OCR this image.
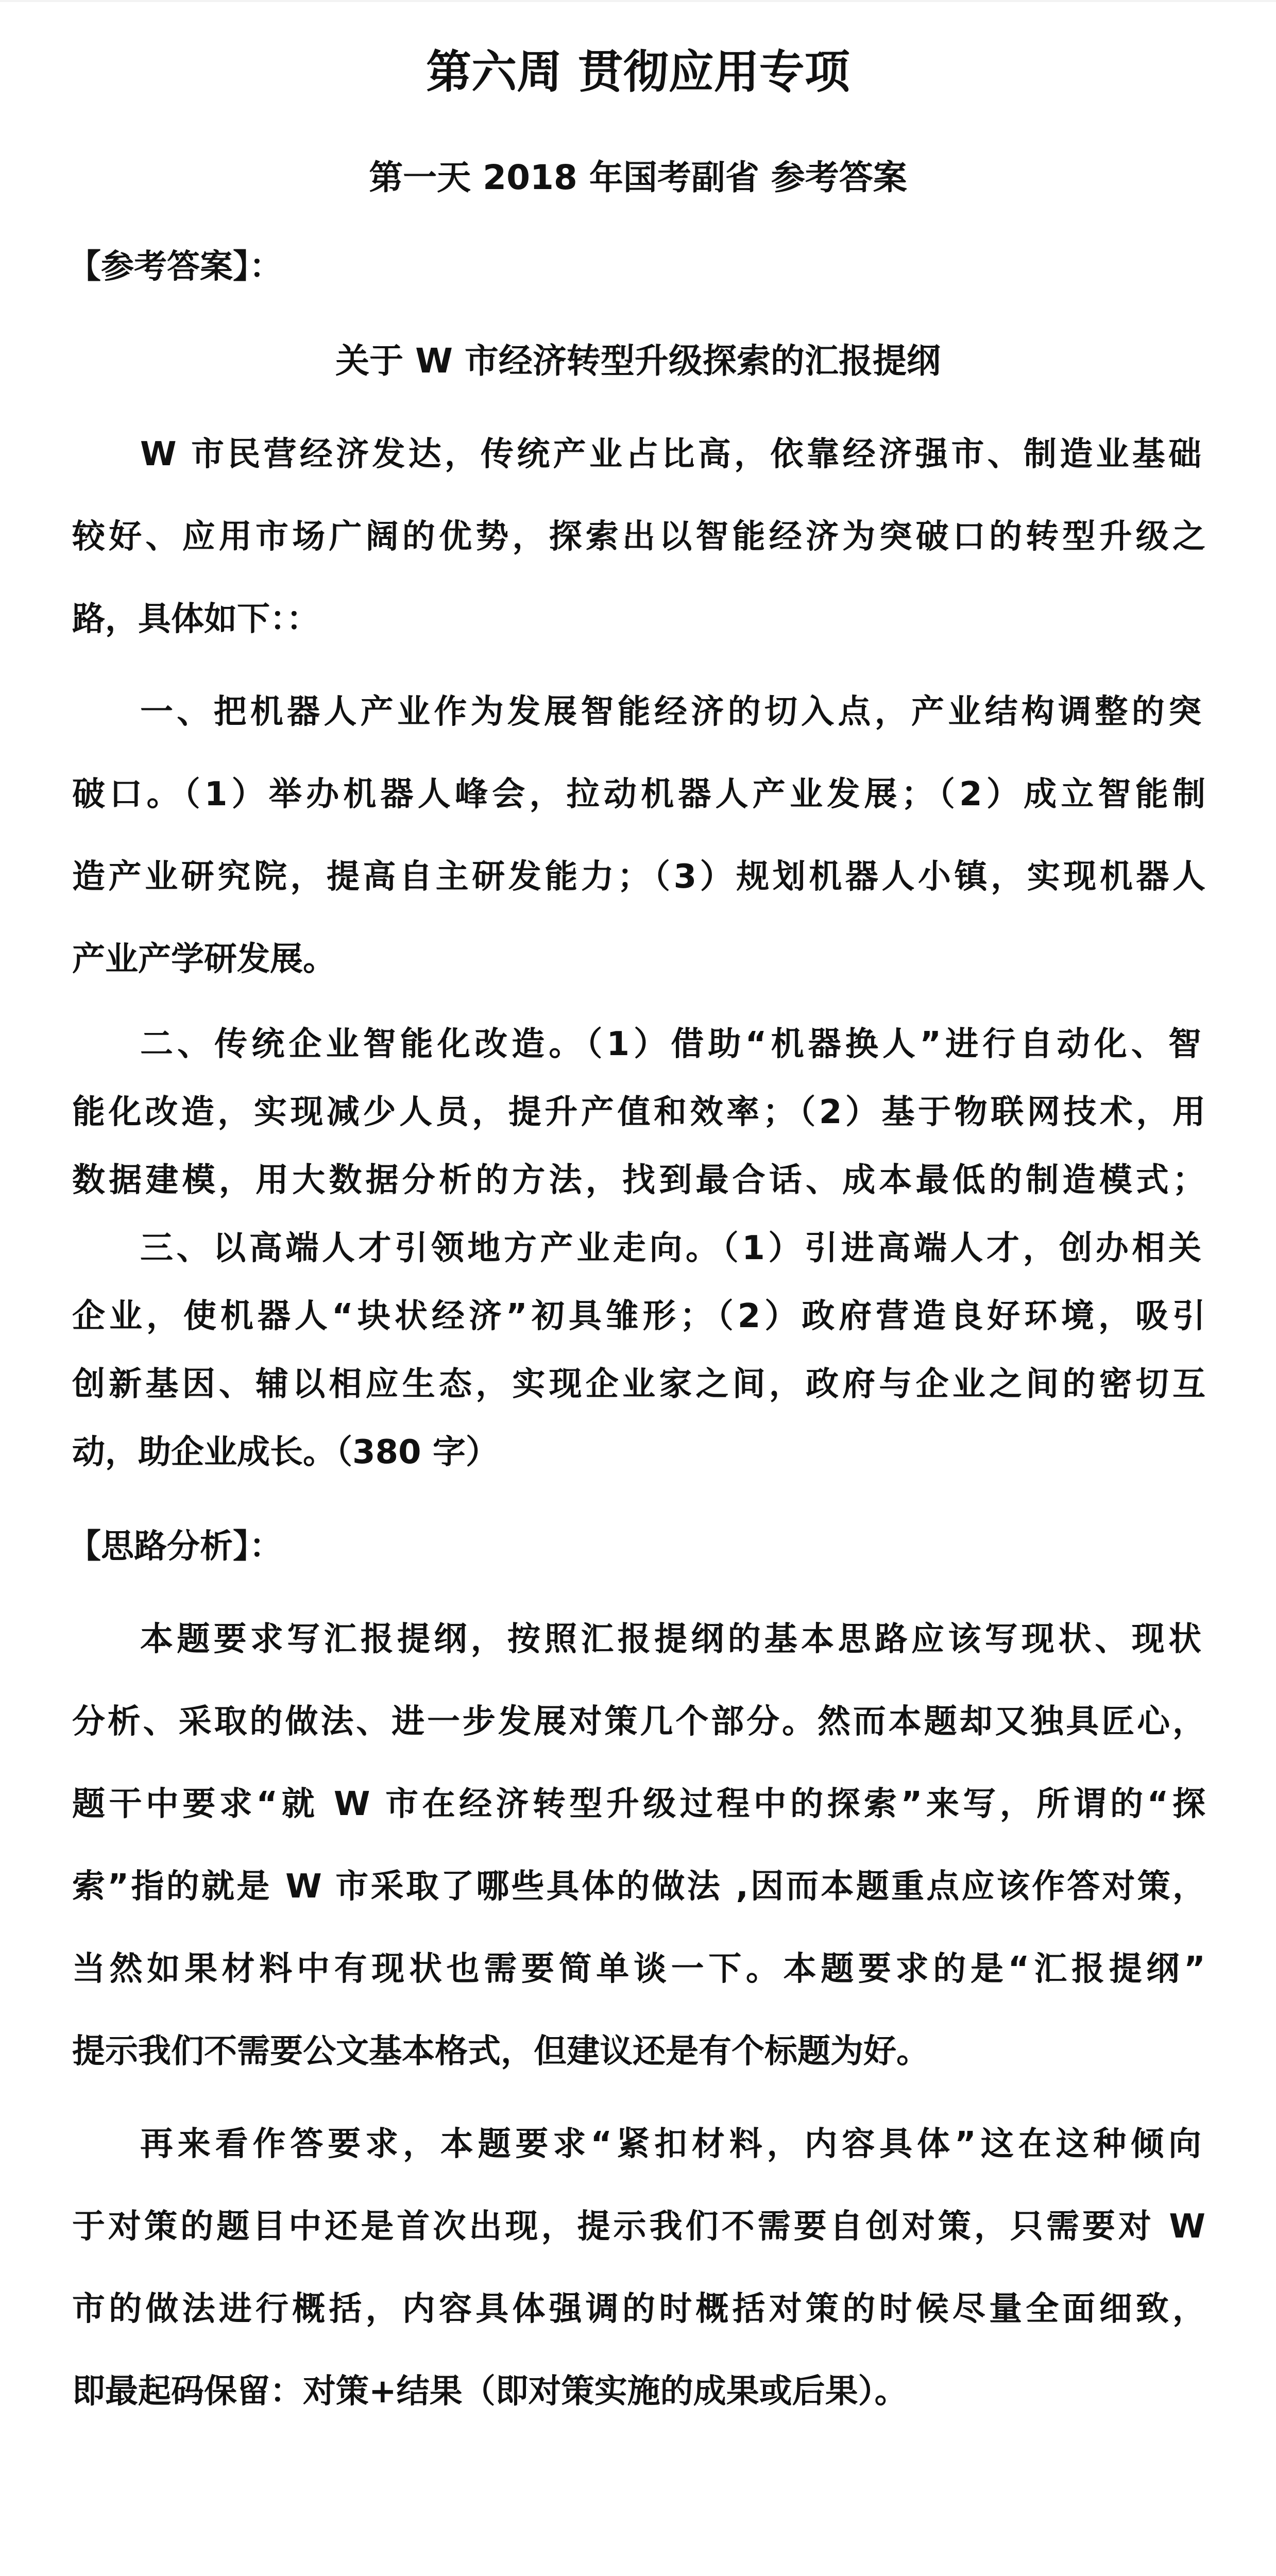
第六周 贯彻应用专项
第一天 2018 年国考副省 参考答案
【参考答案】：
关于 W 市经济转型升级探索的汇报提纲
W 市民营经济发达，传统产业占比高，依靠经济强市、制造业基础
较好、应用市场广阔的优势，探索出以智能经济为突破口的转型升级之
路，具体如下：：
一、把机器人产业作为发展智能经济的切入点，产业结构调整的突
破口。（1）举办机器人峰会，拉动机器人产业发展；（2）成立智能制
造产业研究院，提高自主研发能力；（3）规划机器人小镇，实现机器人
产业产学研发展。
二、传统企业智能化改造。（1）借助“机器换人”进行自动化、智
能化改造，实现减少人员，提升产值和效率；（2）基于物联网技术，用
数据建模，用大数据分析的方法，找到最合话、成本最低的制造模式；
三、以高端人才引领地方产业走向。（1）引进高端人才，创办相关
企业，使机器人“块状经济”初具雏形；（2）政府营造良好环境，吸引
创新基因、辅以相应生态，实现企业家之间，政府与企业之间的密切互
动，助企业成长。（380 字）
【思路分析】：
本题要求写汇报提纲，按照汇报提纲的基本思路应该写现状、现状
分析、采取的做法、进一步发展对策几个部分。然而本题却又独具匠心，
题干中要求“就 W 市在经济转型升级过程中的探索”来写，所谓的“探
索”指的就是 W 市采取了哪些具体的做法 ,因而本题重点应该作答对策，
当然如果材料中有现状也需要简单谈一下。本题要求的是“汇报提纲”
提示我们不需要公文基本格式，但建议还是有个标题为好。
再来看作答要求，本题要求“紧扣材料，内容具体”这在这种倾向
于对策的题目中还是首次出现，提示我们不需要自创对策，只需要对 W
市的做法进行概括，内容具体强调的时概括对策的时候尽量全面细致，
即最起码保留：对策+结果（即对策实施的成果或后果）。
